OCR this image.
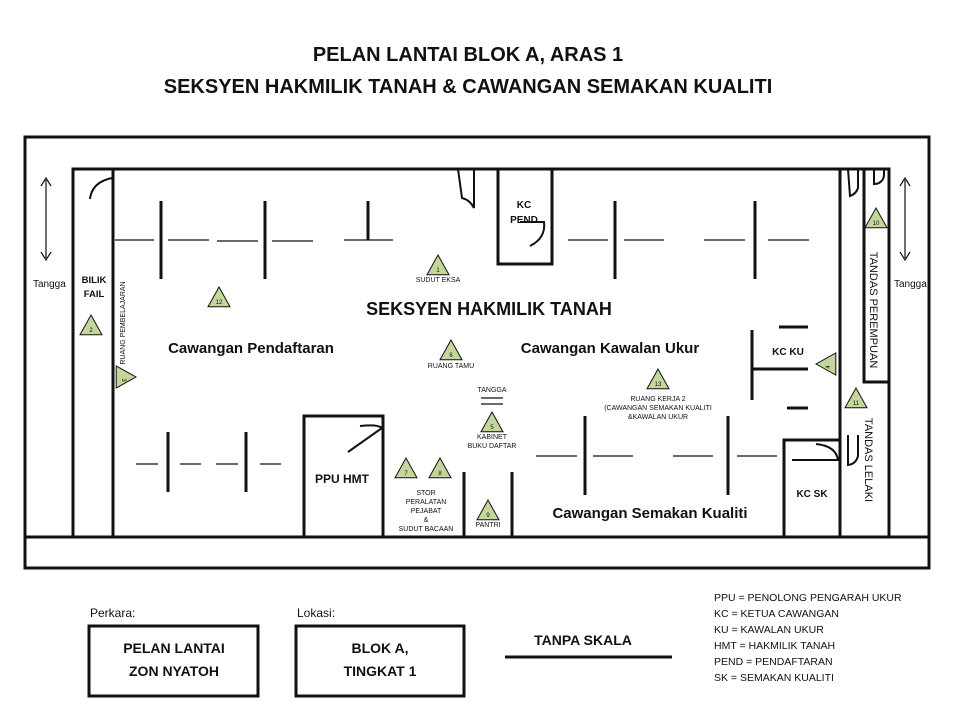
PELAN LANTAI BLOK A, ARAS 1
SEKSYEN HAKMILIK TANAH & CAWANGAN SEMAKAN KUALITI
Tangga	Tangga
TANGGA
BILIK
FAIL RUANG PEMBELAJARAN
KC
PEND
SEKSYEN HAKMILIK TANAH
Cawangan Pendaftaran	Cawangan Kawalan Ukur	KC KU	TANDAS PEREMPUAN
TANDAS LELAKI
PPU HMT
KC SK
Cawangan Semakan Kualiti
1
SUDUT EKSA
2
3
4
5
KABINET
BUKU DAFTAR
6
RUANG TAMU
7	8
STOR
PERALATAN
PEJABAT
&
SUDUT BACAAN
9
PANTRI
10
11
12
13
RUANG KERJA 2
(CAWANGAN SEMAKAN KUALITI
&KAWALAN UKUR
Perkara:
PELAN LANTAI
ZON NYATOH
Lokasi:
BLOK A,
TINGKAT 1
TANPA SKALA
PPU = PENOLONG PENGARAH UKUR
KC = KETUA CAWANGAN
KU = KAWALAN UKUR
HMT = HAKMILIK TANAH
PEND = PENDAFTARAN
SK = SEMAKAN KUALITI
